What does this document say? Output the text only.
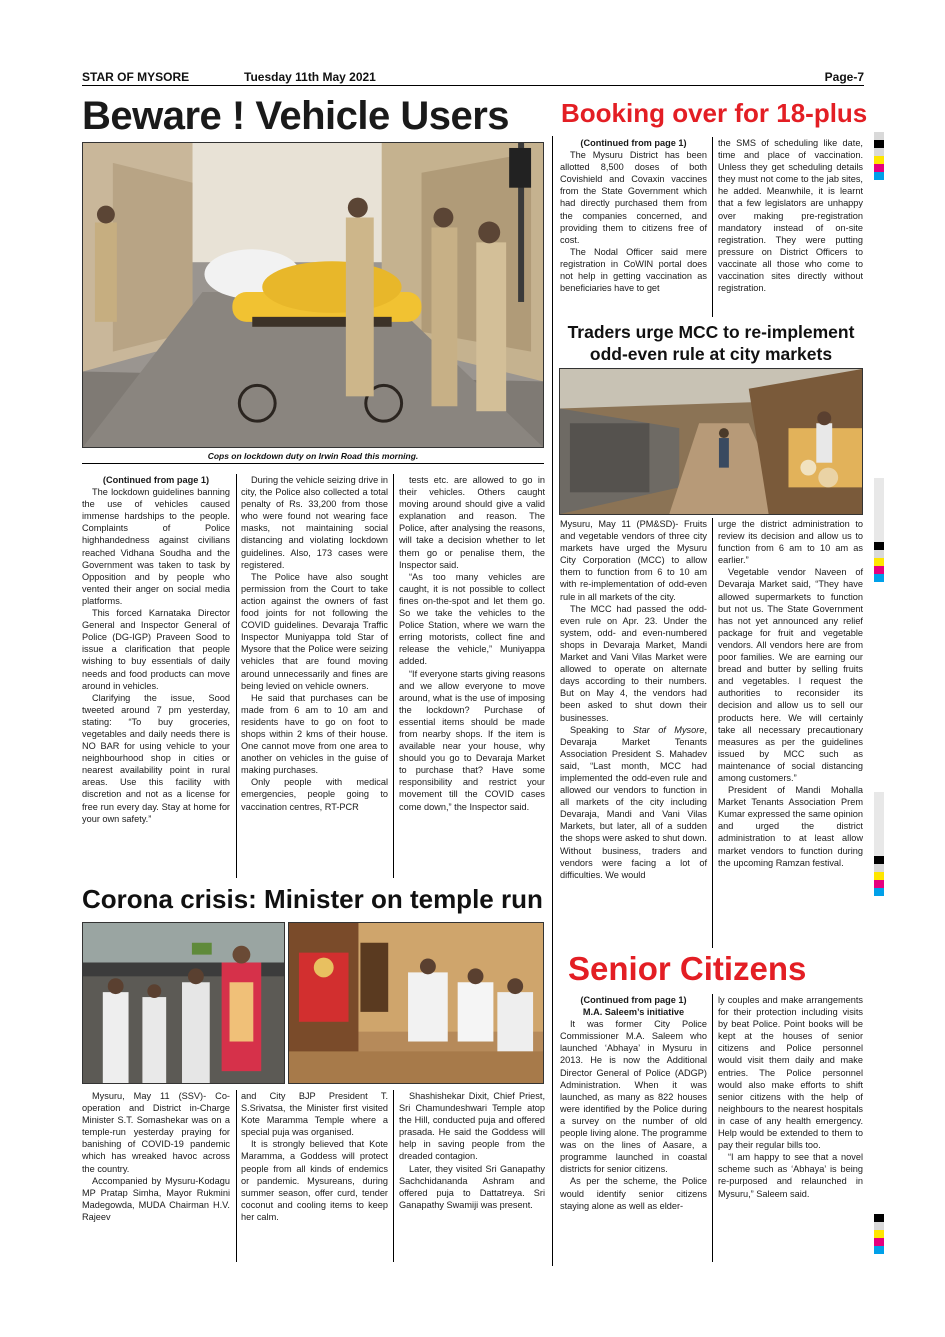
STAR OF MYSORE	Tuesday 11th May 2021	Page-7
Beware ! Vehicle Users Booking over for 18-plus
Traders urge MCC to re-implement odd-even rule at city markets
Corona crisis: Minister on temple run
Senior Citizens
Cops on lockdown duty on Irwin Road this morning.

(Continued from page 1)

The lockdown guidelines banning the use of vehicles caused immense hardships to the people. Complaints of Police highhandedness against civilians reached Vidhana Soudha and the Government was taken to task by Opposition and by people who vented their anger on social media platforms.

This forced Karnataka Director General and Inspector General of Police (DG-IGP) Praveen Sood to issue a clarification that people wishing to buy essentials of daily needs and food products can move around in vehicles.

Clarifying the issue, Sood tweeted around 7 pm yesterday, stating: “To buy groceries, vegetables and daily needs there is NO BAR for using vehicle to your neighbourhood shop in cities or nearest availability point in rural areas. Use this facility with discretion and not as a license for free run every day. Stay at home for your own safety.”

During the vehicle seizing drive in city, the Police also collected a total penalty of Rs. 33,200 from those who were found not wearing face masks, not maintaining social distancing and violating lockdown guidelines. Also, 173 cases were registered.

The Police have also sought permission from the Court to take action against the owners of fast food joints for not following the COVID guidelines. Devaraja Traffic Inspector Muniyappa told Star of Mysore that the Police were seizing vehicles that are found moving around unnecessarily and fines are being levied on vehicle owners.

He said that purchases can be made from 6 am to 10 am and residents have to go on foot to shops within 2 kms of their house. One cannot move from one area to another on vehicles in the guise of making purchases.

Only people with medical emergencies, people going to vaccination centres, RT-PCR

tests etc. are allowed to go in their vehicles. Others caught moving around should give a valid explanation and reason. The Police, after analysing the reasons, will take a decision whether to let them go or penalise them, the Inspector said.

“As too many vehicles are caught, it is not possible to collect fines on-the-spot and let them go. So we take the vehicles to the Police Station, where we warn the erring motorists, collect fine and release the vehicle,” Muniyappa added.

“If everyone starts giving reasons and we allow everyone to move around, what is the use of imposing the lockdown? Purchase of essential items should be made from nearby shops. If the item is available near your house, why should you go to Devaraja Market to purchase that? Have some responsibility and restrict your movement till the COVID cases come down,” the Inspector said.

(Continued from page 1)

The Mysuru District has been allotted 8,500 doses of both Covishield and Covaxin vaccines from the State Government which had directly purchased them from the companies concerned, and providing them to citizens free of cost.

The Nodal Officer said mere registration in CoWIN portal does not help in getting vaccination as beneficiaries have to get

the SMS of scheduling like date, time and place of vaccination. Unless they get scheduling details they must not come to the jab sites, he added. Meanwhile, it is learnt that a few legislators are unhappy over making pre-registration mandatory instead of on-site registration. They were putting pressure on District Officers to vaccinate all those who come to vaccination sites directly without registration.

Mysuru, May 11 (PM&SD)- Fruits and vegetable vendors of three city markets have urged the Mysuru City Corporation (MCC) to allow them to function from 6 to 10 am with re-implementation of odd-even rule in all markets of the city.

The MCC had passed the odd-even rule on Apr. 23. Under the system, odd- and even-numbered shops in Devaraja Market, Mandi Market and Vani Vilas Market were allowed to operate on alternate days according to their numbers. But on May 4, the vendors had been asked to shut down their businesses.

Speaking to Star of Mysore, Devaraja Market Tenants Association President S. Mahadev said, “Last month, MCC had implemented the odd-even rule and allowed our vendors to function in all markets of the city including Devaraja, Mandi and Vani Vilas Markets, but later, all of a sudden the shops were asked to shut down. Without business, traders and vendors were facing a lot of difficulties. We would

urge the district administration to review its decision and allow us to function from 6 am to 10 am as earlier.”

Vegetable vendor Naveen of Devaraja Market said, “They have allowed supermarkets to function but not us. The State Government has not yet announced any relief package for fruit and vegetable vendors. All vendors here are from poor families. We are earning our bread and butter by selling fruits and vegetables. I request the authorities to reconsider its decision and allow us to sell our products here. We will certainly take all necessary precautionary measures as per the guidelines issued by MCC such as maintenance of social distancing among customers.”

President of Mandi Mohalla Market Tenants Association Prem Kumar expressed the same opinion and urged the district administration to at least allow market vendors to function during the upcoming Ramzan festival.

Mysuru, May 11 (SSV)- Co-operation and District in-Charge Minister S.T. Somashekar was on a temple-run yesterday praying for banishing of COVID-19 pandemic which has wreaked havoc across the country.

Accompanied by Mysuru-Kodagu MP Pratap Simha, Mayor Rukmini Madegowda, MUDA Chairman H.V. Rajeev

and City BJP President T. S.Srivatsa, the Minister first visited Kote Maramma Temple where a special puja was organised.

It is strongly believed that Kote Maramma, a Goddess will protect people from all kinds of endemics or pandemic. Mysureans, during summer season, offer curd, tender coconut and cooling items to keep her calm.

Shashishekar Dixit, Chief Priest, Sri Chamundeshwari Temple atop the Hill, conducted puja and offered prasada. He said the Goddess will help in saving people from the dreaded contagion.

Later, they visited Sri Ganapathy Sachchidananda Ashram and offered puja to Dattatreya. Sri Ganapathy Swamiji was present.

(Continued from page 1)

M.A. Saleem’s initiative

It was former City Police Commissioner M.A. Saleem who launched ‘Abhaya’ in Mysuru in 2013. He is now the Additional Director General of Police (ADGP) Administration. When it was launched, as many as 822 houses were identified by the Police during a survey on the number of old people living alone. The programme was on the lines of Aasare, a programme launched in coastal districts for senior citizens.

As per the scheme, the Police would identify senior citizens staying alone as well as elder-

ly couples and make arrangements for their protection including visits by beat Police. Point books will be kept at the houses of senior citizens and Police personnel would visit them daily and make entries. The Police personnel would also make efforts to shift senior citizens with the help of neighbours to the nearest hospitals in case of any health emergency. Help would be extended to them to pay their regular bills too.

“I am happy to see that a novel scheme such as ‘Abhaya’ is being re-purposed and relaunched in Mysuru,” Saleem said.
